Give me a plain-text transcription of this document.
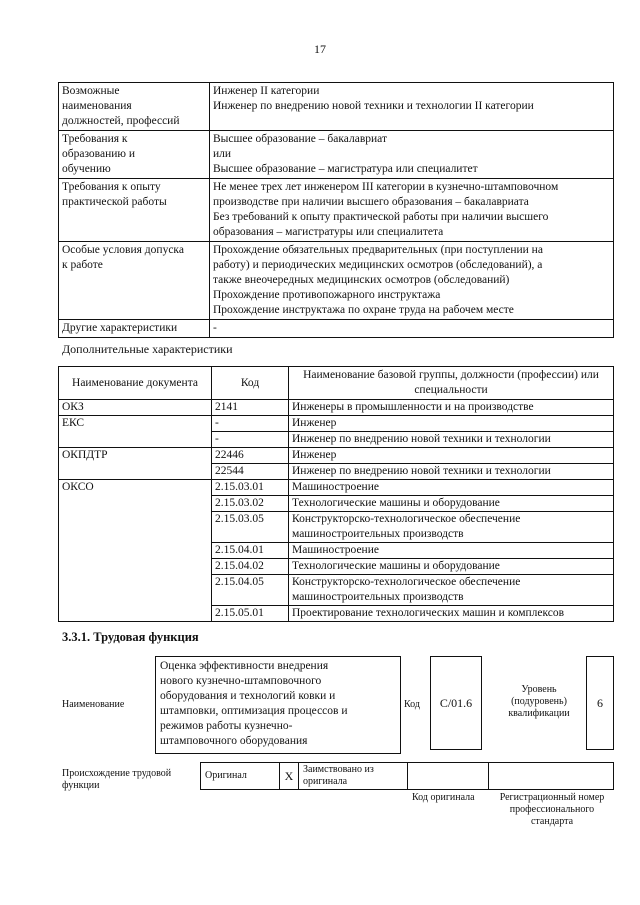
17
Возможные
наименования
должностей, профессий	Инженер II категории
Инженер по внедрению новой техники и технологии II категории

Требования к
образованию и
обучению	Высшее образование – бакалавриат
или
Высшее образование – магистратура или специалитет

Требования к опыту
практической работы	Не менее трех лет инженером III категории в кузнечно-штамповочном
производстве при наличии высшего образования – бакалавриата
Без требований к опыту практической работы при наличии высшего
образования – магистратуры или специалитета

Особые условия допуска
к работе	Прохождение обязательных предварительных (при поступлении на
работу) и периодических медицинских осмотров (обследований), а
также внеочередных медицинских осмотров (обследований)
Прохождение противопожарного инструктажа
Прохождение инструктажа по охране труда на рабочем месте

Другие характеристики	-
Дополнительные характеристики
Наименование документа	Код	Наименование базовой группы, должности (профессии) или специальности
ОКЗ	2141	Инженеры в промышленности и на производстве

ЕКС	-	Инженер

	-	Инженер по внедрению новой техники и технологии

ОКПДТР	22446	Инженер

	22544	Инженер по внедрению новой техники и технологии

ОКСО	2.15.03.01	Машиностроение

	2.15.03.02	Технологические машины и оборудование

	2.15.03.05	Конструкторско-технологическое обеспечение
машиностроительных производств

	2.15.04.01	Машиностроение

	2.15.04.02	Технологические машины и оборудование

	2.15.04.05	Конструкторско-технологическое обеспечение
машиностроительных производств

	2.15.05.01	Проектирование технологических машин и комплексов
3.3.1. Трудовая функция
Наименование
Оценка эффективности внедрения
нового кузнечно-штамповочного
оборудования и технологий ковки и
штамповки, оптимизация процессов и
режимов работы кузнечно-
штамповочного оборудования
Код С/01.6
Уровень
(подуровень)
квалификации
6
Происхождение трудовой
функции
Оригинал	X	Заимствовано из
оригинала

Код оригинала	Регистрационный номер
профессионального
стандарта
